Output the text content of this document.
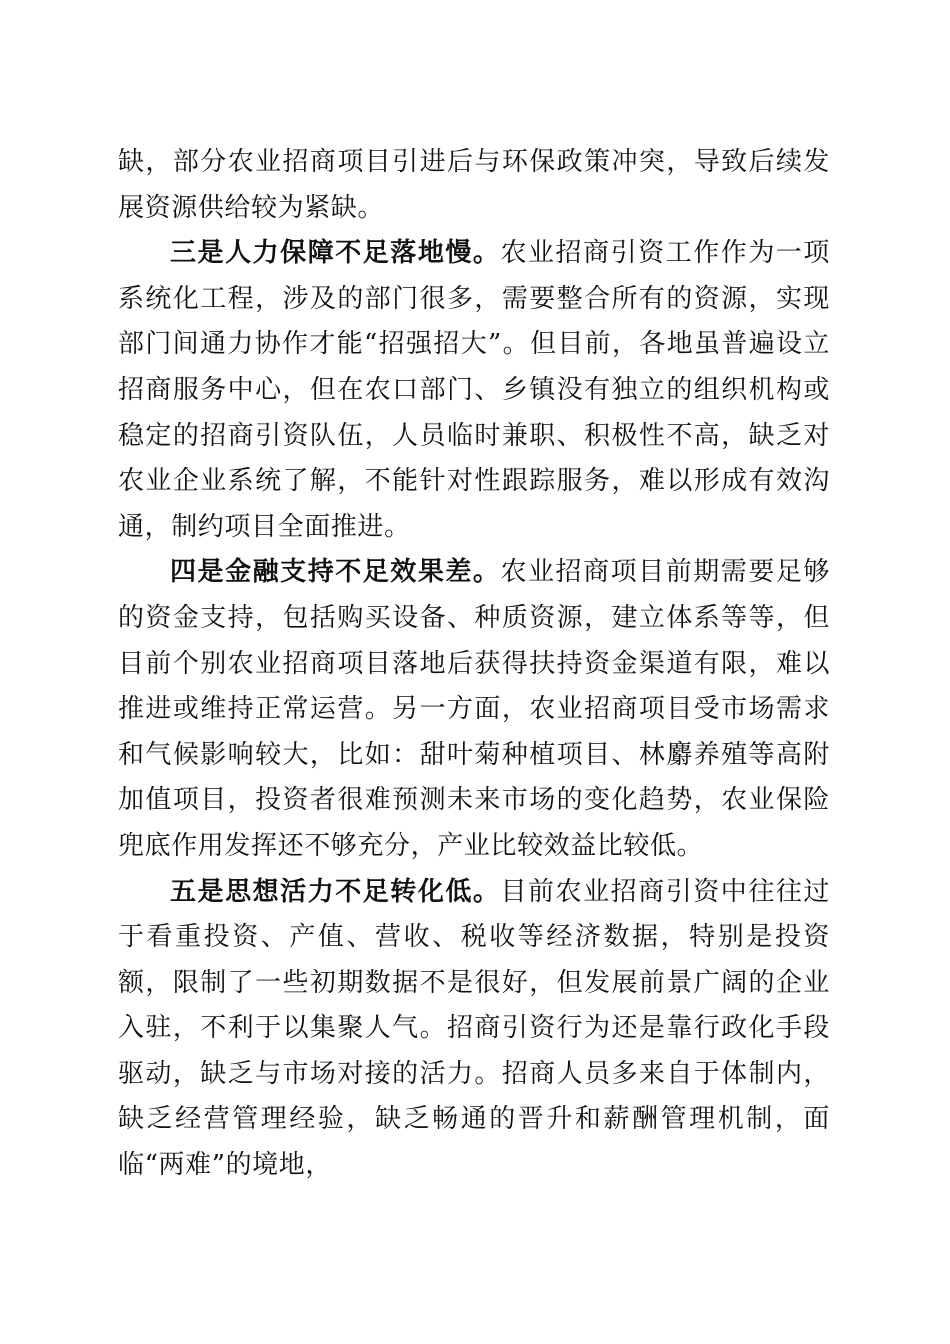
缺，部分农业招商项目引进后与环保政策冲突，导致后续发展资源供给较为紧缺。

三是人力保障不足落地慢。农业招商引资工作作为一项系统化工程，涉及的部门很多，需要整合所有的资源，实现部门间通力协作才能“招强招大”。但目前，各地虽普遍设立招商服务中心，但在农口部门、乡镇没有独立的组织机构或稳定的招商引资队伍，人员临时兼职、积极性不高，缺乏对农业企业系统了解，不能针对性跟踪服务，难以形成有效沟通，制约项目全面推进。

四是金融支持不足效果差。农业招商项目前期需要足够的资金支持，包括购买设备、种质资源，建立体系等等，但目前个别农业招商项目落地后获得扶持资金渠道有限，难以推进或维持正常运营。另一方面，农业招商项目受市场需求和气候影响较大，比如：甜叶菊种植项目、林麝养殖等高附加值项目，投资者很难预测未来市场的变化趋势，农业保险兜底作用发挥还不够充分，产业比较效益比较低。

五是思想活力不足转化低。目前农业招商引资中往往过于看重投资、产值、营收、税收等经济数据，特别是投资额，限制了一些初期数据不是很好，但发展前景广阔的企业入驻，不利于以集聚人气。招商引资行为还是靠行政化手段驱动，缺乏与市场对接的活力。招商人员多来自于体制内，缺乏经营管理经验，缺乏畅通的晋升和薪酬管理机制，面临“两难”的境地，
